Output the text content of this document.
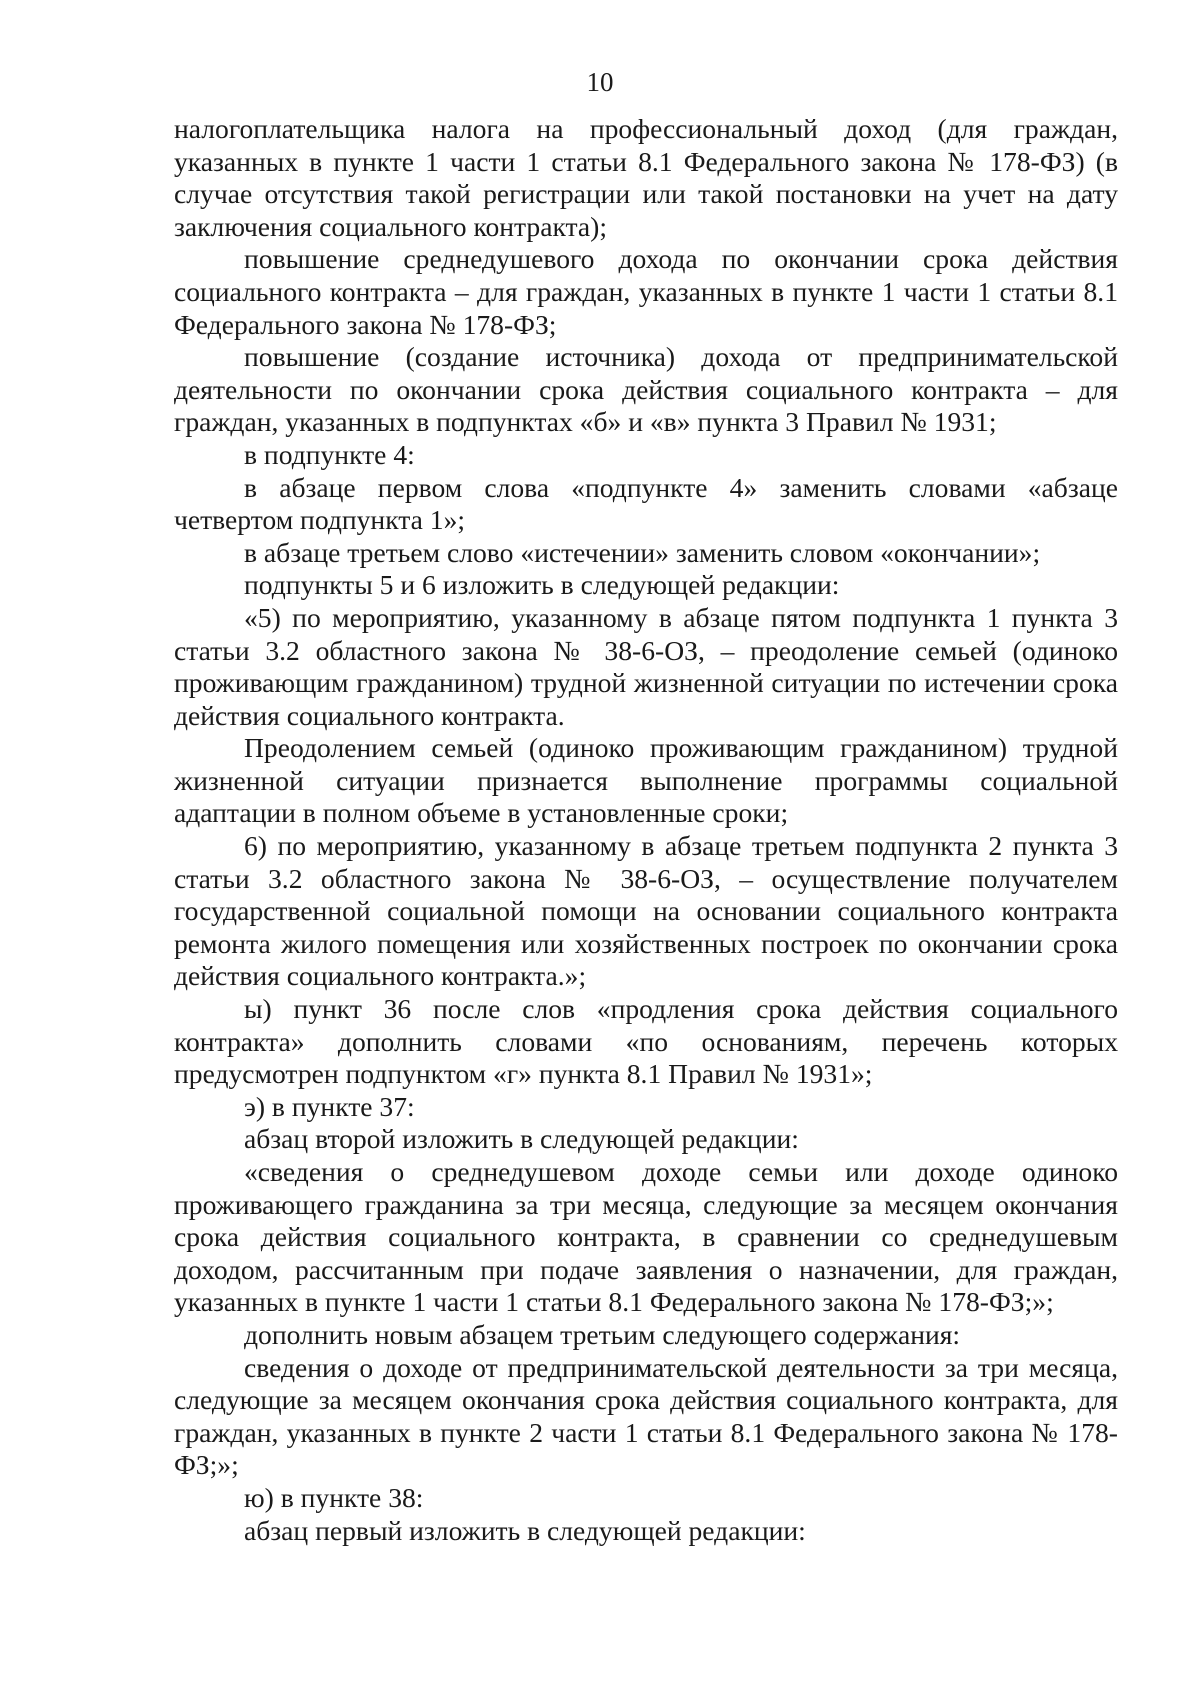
10

налогоплательщика налога на профессиональный доход (для граждан, указанных в пункте 1 части 1 статьи 8.1 Федерального закона № 178-ФЗ) (в случае отсутствия такой регистрации или такой постановки на учет на дату заключения социального контракта);

повышение среднедушевого дохода по окончании срока действия социального контракта – для граждан, указанных в пункте 1 части 1 статьи 8.1 Федерального закона № 178-ФЗ;

повышение (создание источника) дохода от предпринимательской деятельности по окончании срока действия социального контракта – для граждан, указанных в подпунктах «б» и «в» пункта 3 Правил № 1931;

в подпункте 4:

в абзаце первом слова «подпункте 4» заменить словами «абзаце четвертом подпункта 1»;

в абзаце третьем слово «истечении» заменить словом «окончании»;

подпункты 5 и 6 изложить в следующей редакции:

«5) по мероприятию, указанному в абзаце пятом подпункта 1 пункта 3 статьи 3.2 областного закона № 38-6-ОЗ, – преодоление семьей (одиноко проживающим гражданином) трудной жизненной ситуации по истечении срока действия социального контракта.

Преодолением семьей (одиноко проживающим гражданином) трудной жизненной ситуации признается выполнение программы социальной адаптации в полном объеме в установленные сроки;

6) по мероприятию, указанному в абзаце третьем подпункта 2 пункта 3 статьи 3.2 областного закона № 38-6-ОЗ, – осуществление получателем государственной социальной помощи на основании социального контракта ремонта жилого помещения или хозяйственных построек по окончании срока действия социального контракта.»;

ы) пункт 36 после слов «продления срока действия социального контракта» дополнить словами «по основаниям, перечень которых предусмотрен подпунктом «г» пункта 8.1 Правил № 1931»;

э) в пункте 37:

абзац второй изложить в следующей редакции:

«сведения о среднедушевом доходе семьи или доходе одиноко проживающего гражданина за три месяца, следующие за месяцем окончания срока действия социального контракта, в сравнении со среднедушевым доходом, рассчитанным при подаче заявления о назначении, для граждан, указанных в пункте 1 части 1 статьи 8.1 Федерального закона № 178-ФЗ;»;

дополнить новым абзацем третьим следующего содержания:

сведения о доходе от предпринимательской деятельности за три месяца, следующие за месяцем окончания срока действия социального контракта, для граждан, указанных в пункте 2 части 1 статьи 8.1 Федерального закона № 178-ФЗ;»;

ю) в пункте 38:

абзац первый изложить в следующей редакции:
